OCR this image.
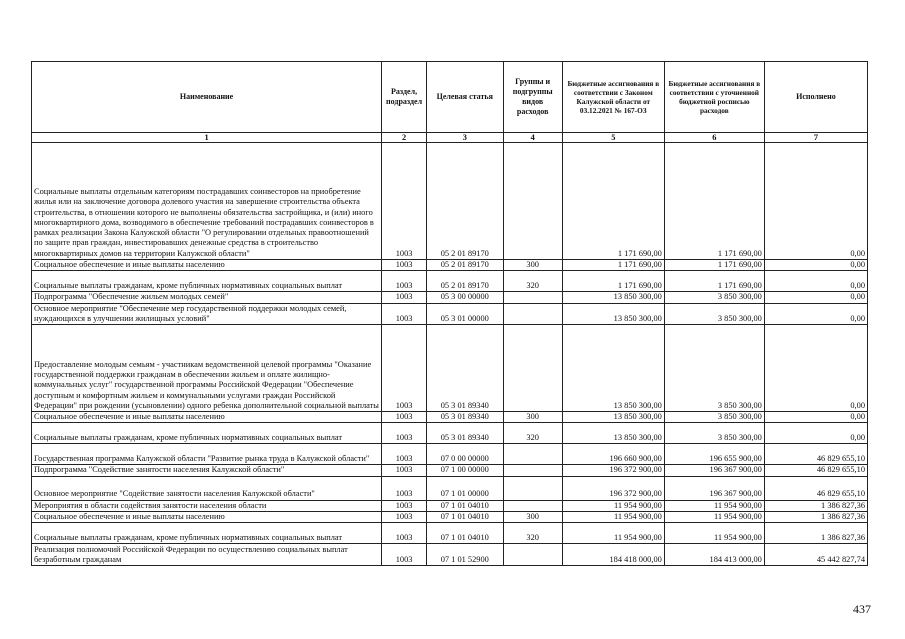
Наименование	Раздел, подраздел	Целевая статья	Группы и подгруппы видов расходов	Бюджетные ассигнования в соответствии с Законом Калужской области от 03.12.2021 № 167-ОЗ	Бюджетные ассигнования в соответствии с уточненной бюджетной росписью расходов	Исполнено
1	2	3	4	5	6	7
Социальные выплаты отдельным категориям пострадавших соинвесторов на приобретение жилья или на заключение договора долевого участия на завершение строительства объекта строительства, в отношении которого не выполнены обязательства застройщика, и (или) иного многоквартирного дома, возводимого в обеспечение требований пострадавших соинвесторов в рамках реализации Закона Калужской области "О регулировании отдельных правоотношений по защите прав граждан, инвестировавших денежные средства в строительство многоквартирных домов на территории Калужской области"	1003	05 2 01 89170		1 171 690,00	1 171 690,00	0,00
Социальное обеспечение и иные выплаты населению	1003	05 2 01 89170	300	1 171 690,00	1 171 690,00	0,00
Социальные выплаты гражданам, кроме публичных нормативных социальных выплат	1003	05 2 01 89170	320	1 171 690,00	1 171 690,00	0,00
Подпрограмма "Обеспечение жильем молодых семей"	1003	05 3 00 00000		13 850 300,00	3 850 300,00	0,00
Основное мероприятие "Обеспечение мер государственной поддержки молодых семей, нуждающихся в улучшении жилищных условий"	1003	05 3 01 00000		13 850 300,00	3 850 300,00	0,00
Предоставление молодым семьям - участникам ведомственной целевой программы "Оказание государственной поддержки гражданам в обеспечении жильем и оплате жилищно-коммунальных услуг" государственной программы Российской Федерации "Обеспечение доступным и комфортным жильем и коммунальными услугами граждан Российской Федерации" при рождении (усыновлении) одного ребенка дополнительной социальной выплаты	1003	05 3 01 89340		13 850 300,00	3 850 300,00	0,00
Социальное обеспечение и иные выплаты населению	1003	05 3 01 89340	300	13 850 300,00	3 850 300,00	0,00
Социальные выплаты гражданам, кроме публичных нормативных социальных выплат	1003	05 3 01 89340	320	13 850 300,00	3 850 300,00	0,00
Государственная программа Калужской области "Развитие рынка труда в Калужской области"	1003	07 0 00 00000		196 660 900,00	196 655 900,00	46 829 655,10
Подпрограмма "Содействие занятости населения Калужской области"	1003	07 1 00 00000		196 372 900,00	196 367 900,00	46 829 655,10
Основное мероприятие "Содействие занятости населения Калужской области"	1003	07 1 01 00000		196 372 900,00	196 367 900,00	46 829 655,10
Мероприятия в области содействия занятости населения области	1003	07 1 01 04010		11 954 900,00	11 954 900,00	1 386 827,36
Социальное обеспечение и иные выплаты населению	1003	07 1 01 04010	300	11 954 900,00	11 954 900,00	1 386 827,36
Социальные выплаты гражданам, кроме публичных нормативных социальных выплат	1003	07 1 01 04010	320	11 954 900,00	11 954 900,00	1 386 827,36
Реализация полномочий Российской Федерации по осуществлению социальных выплат безработным гражданам	1003	07 1 01 52900		184 418 000,00	184 413 000,00	45 442 827,74
437
